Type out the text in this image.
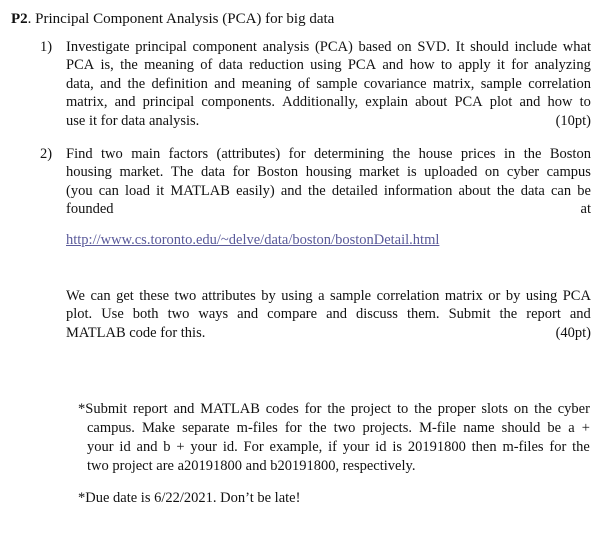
P2. Principal Component Analysis (PCA) for big data
1) Investigate principal component analysis (PCA) based on SVD. It should include what
PCA is, the meaning of data reduction using PCA and how to apply it for analyzing
data, and the definition and meaning of sample covariance matrix, sample correlation
matrix, and principal components. Additionally, explain about PCA plot and how to
use it for data analysis.	(10pt)
2) Find two main factors (attributes) for determining the house prices in the Boston
housing market. The data for Boston housing market is uploaded on cyber campus
(you can load it MATLAB easily) and the detailed information about the data can be
founded	at
http://www.cs.toronto.edu/~delve/data/boston/bostonDetail.html
We can get these two attributes by using a sample correlation matrix or by using PCA
plot. Use both two ways and compare and discuss them. Submit the report and
MATLAB code for this.	(40pt)
*Submit report and MATLAB codes for the project to the proper slots on the cyber
campus. Make separate m-files for the two projects. M-file name should be a +
your id and b + your id. For example, if your id is 20191800 then m-files for the
two project are a20191800 and b20191800, respectively.
*Due date is 6/22/2021. Don’t be late!
